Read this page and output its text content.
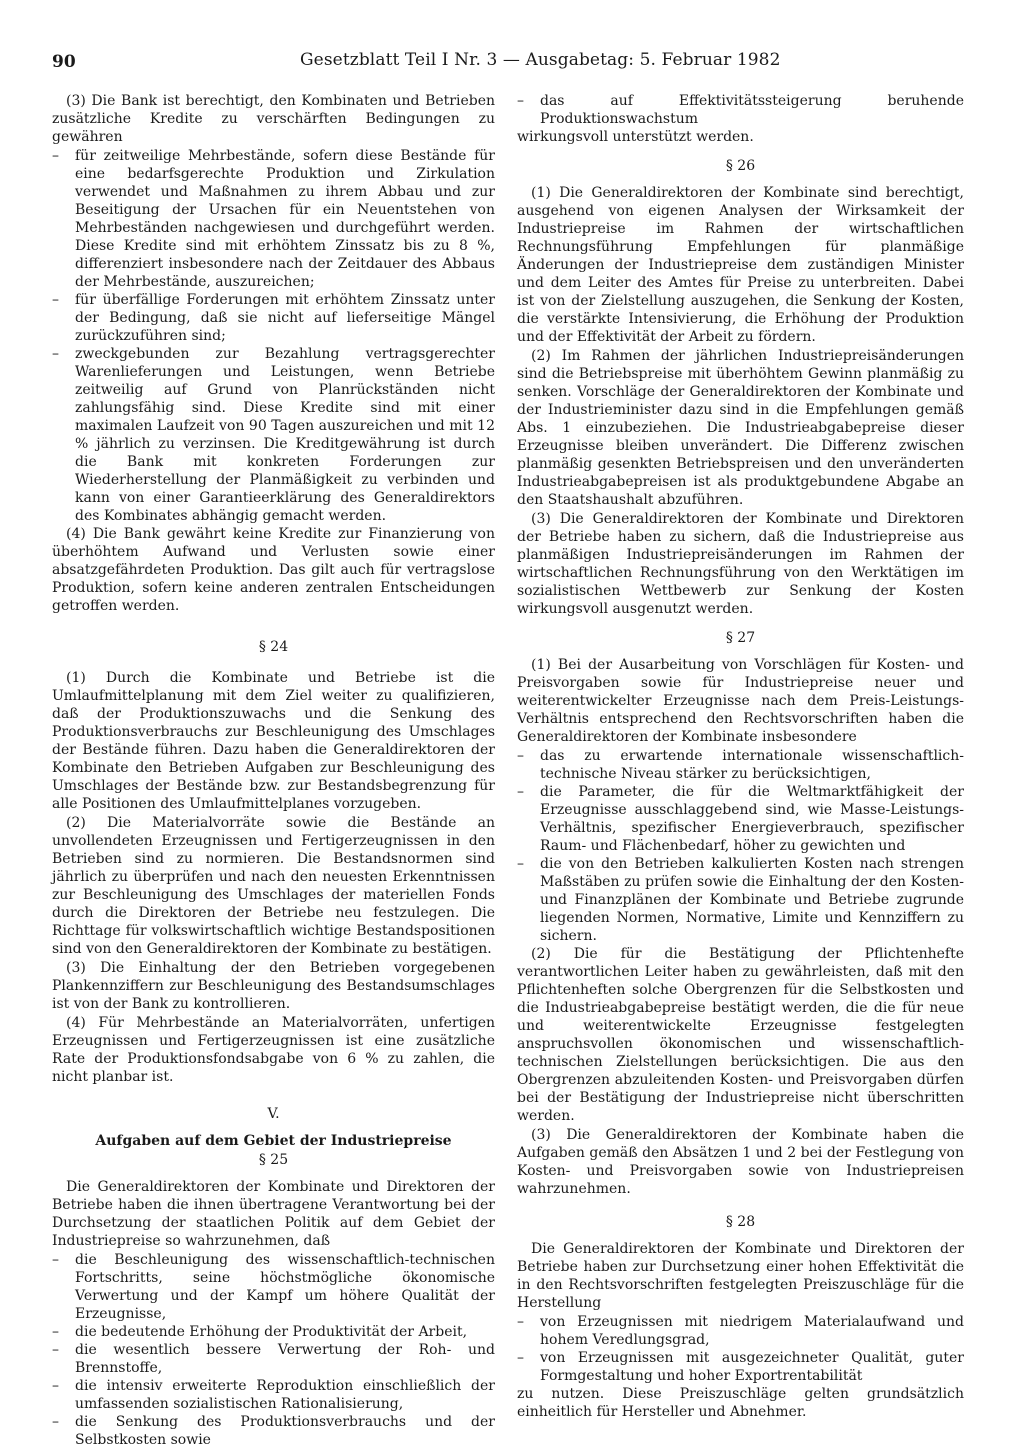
90	Gesetzblatt Teil I Nr. 3 — Ausgabetag: 5. Februar 1982

(3) Die Bank ist berechtigt, den Kombinaten und Betrieben zusätzliche Kredite zu verschärften Bedingungen zu gewähren

– für zeitweilige Mehrbestände, sofern diese Bestände für eine bedarfsgerechte Produktion und Zirkulation verwendet und Maßnahmen zu ihrem Abbau und zur Beseitigung der Ursachen für ein Neuentstehen von Mehrbeständen nachgewiesen und durchgeführt werden. Diese Kredite sind mit erhöhtem Zinssatz bis zu 8 %, differenziert insbesondere nach der Zeitdauer des Abbaus der Mehrbestände, auszureichen;

– für überfällige Forderungen mit erhöhtem Zinssatz unter der Bedingung, daß sie nicht auf lieferseitige Mängel zurückzuführen sind;

– zweckgebunden zur Bezahlung vertragsgerechter Warenlieferungen und Leistungen, wenn Betriebe zeitweilig auf Grund von Planrückständen nicht zahlungsfähig sind. Diese Kredite sind mit einer maximalen Laufzeit von 90 Tagen auszureichen und mit 12 % jährlich zu verzinsen. Die Kreditgewährung ist durch die Bank mit konkreten Forderungen zur Wiederherstellung der Planmäßigkeit zu verbinden und kann von einer Garantieerklärung des Generaldirektors des Kombinates abhängig gemacht werden.

(4) Die Bank gewährt keine Kredite zur Finanzierung von überhöhtem Aufwand und Verlusten sowie einer absatzgefährdeten Produktion. Das gilt auch für vertragslose Produktion, sofern keine anderen zentralen Entscheidungen getroffen werden.

§ 24

(1) Durch die Kombinate und Betriebe ist die Umlaufmittelplanung mit dem Ziel weiter zu qualifizieren, daß der Produktionszuwachs und die Senkung des Produktionsverbrauchs zur Beschleunigung des Umschlages der Bestände führen. Dazu haben die Generaldirektoren der Kombinate den Betrieben Aufgaben zur Beschleunigung des Umschlages der Bestände bzw. zur Bestandsbegrenzung für alle Positionen des Umlaufmittelplanes vorzugeben.

(2) Die Materialvorräte sowie die Bestände an unvollendeten Erzeugnissen und Fertigerzeugnissen in den Betrieben sind zu normieren. Die Bestandsnormen sind jährlich zu überprüfen und nach den neuesten Erkenntnissen zur Beschleunigung des Umschlages der materiellen Fonds durch die Direktoren der Betriebe neu festzulegen. Die Richttage für volkswirtschaftlich wichtige Bestandspositionen sind von den Generaldirektoren der Kombinate zu bestätigen.

(3) Die Einhaltung der den Betrieben vorgegebenen Plankennziffern zur Beschleunigung des Bestandsumschlages ist von der Bank zu kontrollieren.

(4) Für Mehrbestände an Materialvorräten, unfertigen Erzeugnissen und Fertigerzeugnissen ist eine zusätzliche Rate der Produktionsfondsabgabe von 6 % zu zahlen, die nicht planbar ist.

V.

Aufgaben auf dem Gebiet der Industriepreise

§ 25

Die Generaldirektoren der Kombinate und Direktoren der Betriebe haben die ihnen übertragene Verantwortung bei der Durchsetzung der staatlichen Politik auf dem Gebiet der Industriepreise so wahrzunehmen, daß

– die Beschleunigung des wissenschaftlich-technischen Fortschritts, seine höchstmögliche ökonomische Verwertung und der Kampf um höhere Qualität der Erzeugnisse,

– die bedeutende Erhöhung der Produktivität der Arbeit,

– die wesentlich bessere Verwertung der Roh- und Brennstoffe,

– die intensiv erweiterte Reproduktion einschließlich der umfassenden sozialistischen Rationalisierung,

– die Senkung des Produktionsverbrauchs und der Selbstkosten sowie

– das auf Effektivitätssteigerung beruhende Produktionswachstum

wirkungsvoll unterstützt werden.

§ 26

(1) Die Generaldirektoren der Kombinate sind berechtigt, ausgehend von eigenen Analysen der Wirksamkeit der Industriepreise im Rahmen der wirtschaftlichen Rechnungsführung Empfehlungen für planmäßige Änderungen der Industriepreise dem zuständigen Minister und dem Leiter des Amtes für Preise zu unterbreiten. Dabei ist von der Zielstellung auszugehen, die Senkung der Kosten, die verstärkte Intensivierung, die Erhöhung der Produktion und der Effektivität der Arbeit zu fördern.

(2) Im Rahmen der jährlichen Industriepreisänderungen sind die Betriebspreise mit überhöhtem Gewinn planmäßig zu senken. Vorschläge der Generaldirektoren der Kombinate und der Industrieminister dazu sind in die Empfehlungen gemäß Abs. 1 einzubeziehen. Die Industrieabgabepreise dieser Erzeugnisse bleiben unverändert. Die Differenz zwischen planmäßig gesenkten Betriebspreisen und den unveränderten Industrieabgabepreisen ist als produktgebundene Abgabe an den Staatshaushalt abzuführen.

(3) Die Generaldirektoren der Kombinate und Direktoren der Betriebe haben zu sichern, daß die Industriepreise aus planmäßigen Industriepreisänderungen im Rahmen der wirtschaftlichen Rechnungsführung von den Werktätigen im sozialistischen Wettbewerb zur Senkung der Kosten wirkungsvoll ausgenutzt werden.

§ 27

(1) Bei der Ausarbeitung von Vorschlägen für Kosten- und Preisvorgaben sowie für Industriepreise neuer und weiterentwickelter Erzeugnisse nach dem Preis-Leistungs-Verhältnis entsprechend den Rechtsvorschriften haben die Generaldirektoren der Kombinate insbesondere

– das zu erwartende internationale wissenschaftlich-technische Niveau stärker zu berücksichtigen,

– die Parameter, die für die Weltmarktfähigkeit der Erzeugnisse ausschlaggebend sind, wie Masse-Leistungs-Verhältnis, spezifischer Energieverbrauch, spezifischer Raum- und Flächenbedarf, höher zu gewichten und

– die von den Betrieben kalkulierten Kosten nach strengen Maßstäben zu prüfen sowie die Einhaltung der den Kosten- und Finanzplänen der Kombinate und Betriebe zugrunde liegenden Normen, Normative, Limite und Kennziffern zu sichern.

(2) Die für die Bestätigung der Pflichtenhefte verantwortlichen Leiter haben zu gewährleisten, daß mit den Pflichtenheften solche Obergrenzen für die Selbstkosten und die Industrieabgabepreise bestätigt werden, die die für neue und weiterentwickelte Erzeugnisse festgelegten anspruchsvollen ökonomischen und wissenschaftlich-technischen Zielstellungen berücksichtigen. Die aus den Obergrenzen abzuleitenden Kosten- und Preisvorgaben dürfen bei der Bestätigung der Industriepreise nicht überschritten werden.

(3) Die Generaldirektoren der Kombinate haben die Aufgaben gemäß den Absätzen 1 und 2 bei der Festlegung von Kosten- und Preisvorgaben sowie von Industriepreisen wahrzunehmen.

§ 28

Die Generaldirektoren der Kombinate und Direktoren der Betriebe haben zur Durchsetzung einer hohen Effektivität die in den Rechtsvorschriften festgelegten Preiszuschläge für die Herstellung

– von Erzeugnissen mit niedrigem Materialaufwand und hohem Veredlungsgrad,

– von Erzeugnissen mit ausgezeichneter Qualität, guter Formgestaltung und hoher Exportrentabilität

zu nutzen. Diese Preiszuschläge gelten grundsätzlich einheitlich für Hersteller und Abnehmer.
